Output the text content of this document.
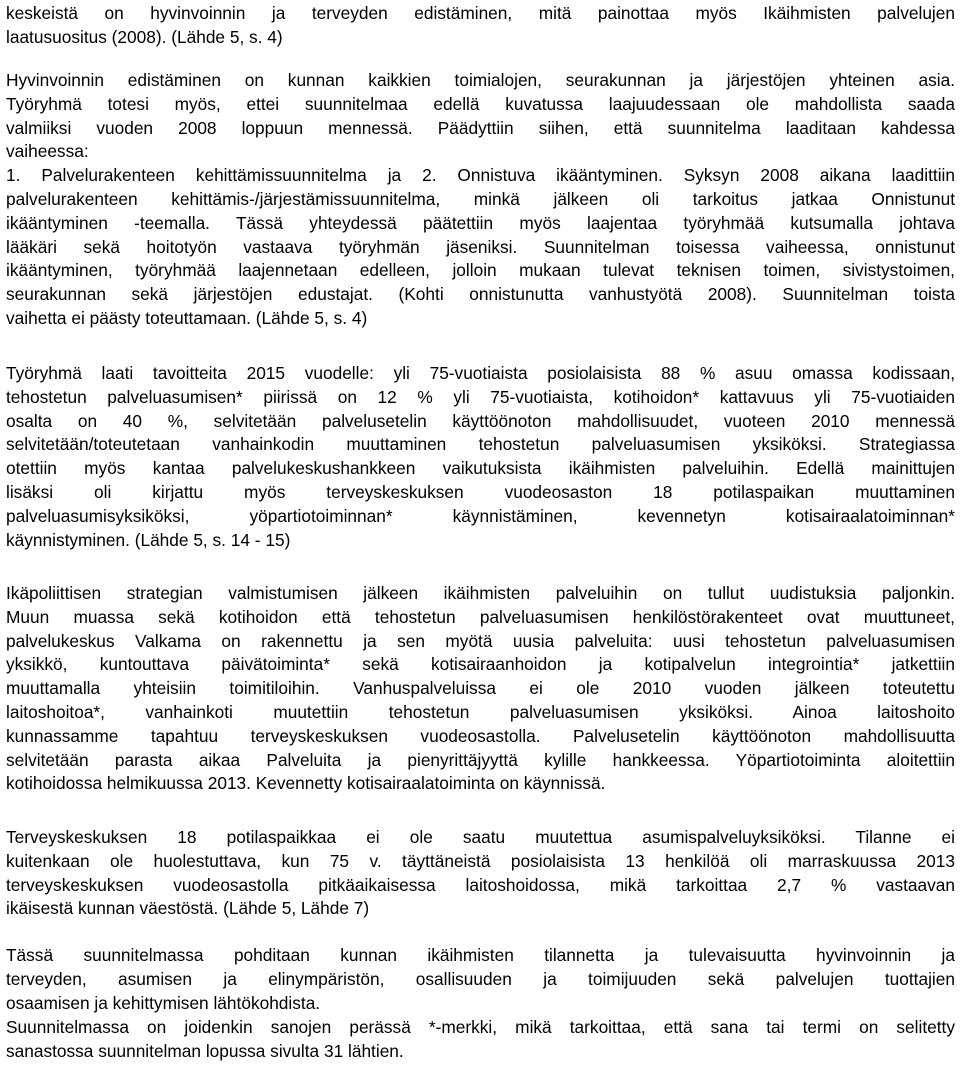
keskeistä on hyvinvoinnin ja terveyden edistäminen, mitä painottaa myös Ikäihmisten palvelujen
laatusuositus (2008). (Lähde 5, s. 4)
Hyvinvoinnin edistäminen on kunnan kaikkien toimialojen, seurakunnan ja järjestöjen yhteinen asia.
Työryhmä totesi myös, ettei suunnitelmaa edellä kuvatussa laajuudessaan ole mahdollista saada
valmiiksi vuoden 2008 loppuun mennessä. Päädyttiin siihen, että suunnitelma laaditaan kahdessa
vaiheessa:
1. Palvelurakenteen kehittämissuunnitelma ja 2. Onnistuva ikääntyminen. Syksyn 2008 aikana laadittiin
palvelurakenteen kehittämis-/järjestämissuunnitelma, minkä jälkeen oli tarkoitus jatkaa Onnistunut
ikääntyminen -teemalla. Tässä yhteydessä päätettiin myös laajentaa työryhmää kutsumalla johtava
lääkäri sekä hoitotyön vastaava työryhmän jäseniksi. Suunnitelman toisessa vaiheessa, onnistunut
ikääntyminen, työryhmää laajennetaan edelleen, jolloin mukaan tulevat teknisen toimen, sivistystoimen,
seurakunnan sekä järjestöjen edustajat. (Kohti onnistunutta vanhustyötä 2008). Suunnitelman toista
vaihetta ei päästy toteuttamaan. (Lähde 5, s. 4)
Työryhmä laati tavoitteita 2015 vuodelle: yli 75-vuotiaista posiolaisista 88 % asuu omassa kodissaan,
tehostetun palveluasumisen* piirissä on 12 % yli 75-vuotiaista, kotihoidon* kattavuus yli 75-vuotiaiden
osalta on 40 %, selvitetään palvelusetelin käyttöönoton mahdollisuudet, vuoteen 2010 mennessä
selvitetään/toteutetaan vanhainkodin muuttaminen tehostetun palveluasumisen yksiköksi. Strategiassa
otettiin myös kantaa palvelukeskushankkeen vaikutuksista ikäihmisten palveluihin. Edellä mainittujen
lisäksi oli kirjattu myös terveyskeskuksen vuodeosaston 18 potilaspaikan muuttaminen
palveluasumisyksiköksi, yöpartiotoiminnan* käynnistäminen, kevennetyn kotisairaalatoiminnan*
käynnistyminen. (Lähde 5, s. 14 - 15)
Ikäpoliittisen strategian valmistumisen jälkeen ikäihmisten palveluihin on tullut uudistuksia paljonkin.
Muun muassa sekä kotihoidon että tehostetun palveluasumisen henkilöstörakenteet ovat muuttuneet,
palvelukeskus Valkama on rakennettu ja sen myötä uusia palveluita: uusi tehostetun palveluasumisen
yksikkö, kuntouttava päivätoiminta* sekä kotisairaanhoidon ja kotipalvelun integrointia* jatkettiin
muuttamalla yhteisiin toimitiloihin. Vanhuspalveluissa ei ole 2010 vuoden jälkeen toteutettu
laitoshoitoa*, vanhainkoti muutettiin tehostetun palveluasumisen yksiköksi. Ainoa laitoshoito
kunnassamme tapahtuu terveyskeskuksen vuodeosastolla. Palvelusetelin käyttöönoton mahdollisuutta
selvitetään parasta aikaa Palveluita ja pienyrittäjyyttä kylille hankkeessa. Yöpartiotoiminta aloitettiin
kotihoidossa helmikuussa 2013. Kevennetty kotisairaalatoiminta on käynnissä.
Terveyskeskuksen 18 potilaspaikkaa ei ole saatu muutettua asumispalveluyksiköksi. Tilanne ei
kuitenkaan ole huolestuttava, kun 75 v. täyttäneistä posiolaisista 13 henkilöä oli marraskuussa 2013
terveyskeskuksen vuodeosastolla pitkäaikaisessa laitoshoidossa, mikä tarkoittaa 2,7 % vastaavan
ikäisestä kunnan väestöstä. (Lähde 5, Lähde 7)
Tässä suunnitelmassa pohditaan kunnan ikäihmisten tilannetta ja tulevaisuutta hyvinvoinnin ja
terveyden, asumisen ja elinympäristön, osallisuuden ja toimijuuden sekä palvelujen tuottajien
osaamisen ja kehittymisen lähtökohdista.
Suunnitelmassa on joidenkin sanojen perässä *-merkki, mikä tarkoittaa, että sana tai termi on selitetty
sanastossa suunnitelman lopussa sivulta 31 lähtien.
